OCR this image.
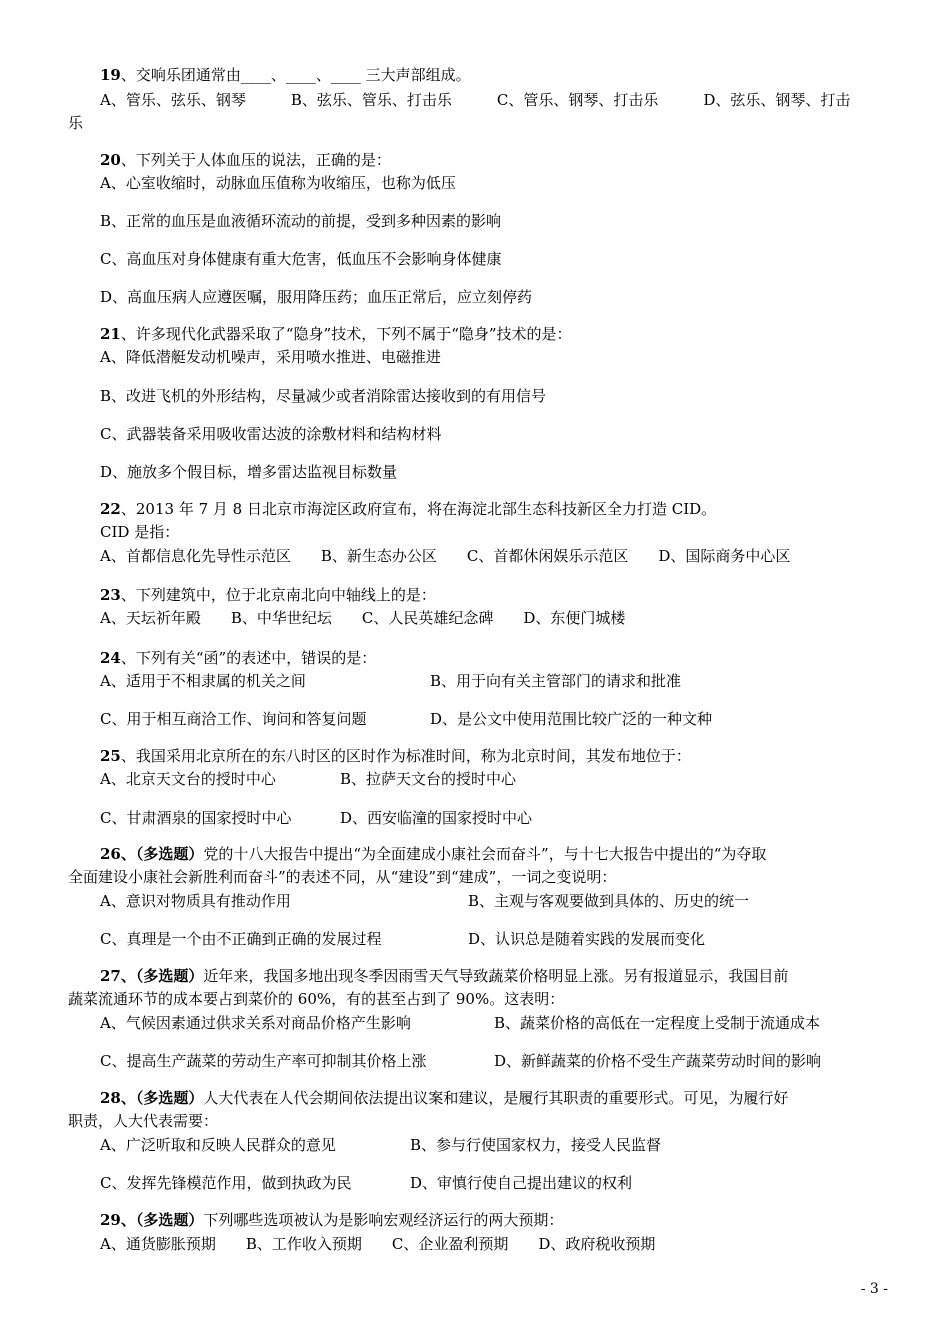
19、交响乐团通常由____、____、____ 三大声部组成。
A、管乐、弦乐、钢琴　　　B、弦乐、管乐、打击乐　　　C、管乐、钢琴、打击乐　　　D、弦乐、钢琴、打击
乐
20、下列关于人体血压的说法，正确的是：
A、心室收缩时，动脉血压值称为收缩压，也称为低压
B、正常的血压是血液循环流动的前提，受到多种因素的影响
C、高血压对身体健康有重大危害，低血压不会影响身体健康
D、高血压病人应遵医嘱，服用降压药；血压正常后，应立刻停药
21、许多现代化武器采取了“隐身”技术，下列不属于“隐身”技术的是：
A、降低潜艇发动机噪声，采用喷水推进、电磁推进
B、改进飞机的外形结构，尽量减少或者消除雷达接收到的有用信号
C、武器装备采用吸收雷达波的涂敷材料和结构材料
D、施放多个假目标，增多雷达监视目标数量
22、2013 年 7 月 8 日北京市海淀区政府宣布，将在海淀北部生态科技新区全力打造 CID。
CID 是指：
A、首都信息化先导性示范区　　B、新生态办公区　　C、首都休闲娱乐示范区　　D、国际商务中心区
23、下列建筑中，位于北京南北向中轴线上的是：
A、天坛祈年殿　　B、中华世纪坛　　C、人民英雄纪念碑　　D、东便门城楼
24、下列有关“函”的表述中，错误的是：
A、适用于不相隶属的机关之间	B、用于向有关主管部门的请求和批准
C、用于相互商洽工作、询问和答复问题	D、是公文中使用范围比较广泛的一种文种
25、我国采用北京所在的东八时区的区时作为标准时间，称为北京时间，其发布地位于：
A、北京天文台的授时中心	B、拉萨天文台的授时中心
C、甘肃酒泉的国家授时中心	D、西安临潼的国家授时中心
26、（多选题）党的十八大报告中提出“为全面建成小康社会而奋斗”，与十七大报告中提出的“为夺取
全面建设小康社会新胜利而奋斗”的表述不同，从“建设”到“建成”，一词之变说明：
A、意识对物质具有推动作用	B、主观与客观要做到具体的、历史的统一
C、真理是一个由不正确到正确的发展过程	D、认识总是随着实践的发展而变化
27、（多选题）近年来，我国多地出现冬季因雨雪天气导致蔬菜价格明显上涨。另有报道显示，我国目前
蔬菜流通环节的成本要占到菜价的 60%，有的甚至占到了 90%。这表明：
A、气候因素通过供求关系对商品价格产生影响	B、蔬菜价格的高低在一定程度上受制于流通成本
C、提高生产蔬菜的劳动生产率可抑制其价格上涨	D、新鲜蔬菜的价格不受生产蔬菜劳动时间的影响
28、（多选题）人大代表在人代会期间依法提出议案和建议，是履行其职责的重要形式。可见，为履行好
职责，人大代表需要：
A、广泛听取和反映人民群众的意见	B、参与行使国家权力，接受人民监督
C、发挥先锋模范作用，做到执政为民	D、审慎行使自己提出建议的权利
29、（多选题）下列哪些选项被认为是影响宏观经济运行的两大预期：
A、通货膨胀预期　　B、工作收入预期　　C、企业盈利预期　　D、政府税收预期
- 3 -
